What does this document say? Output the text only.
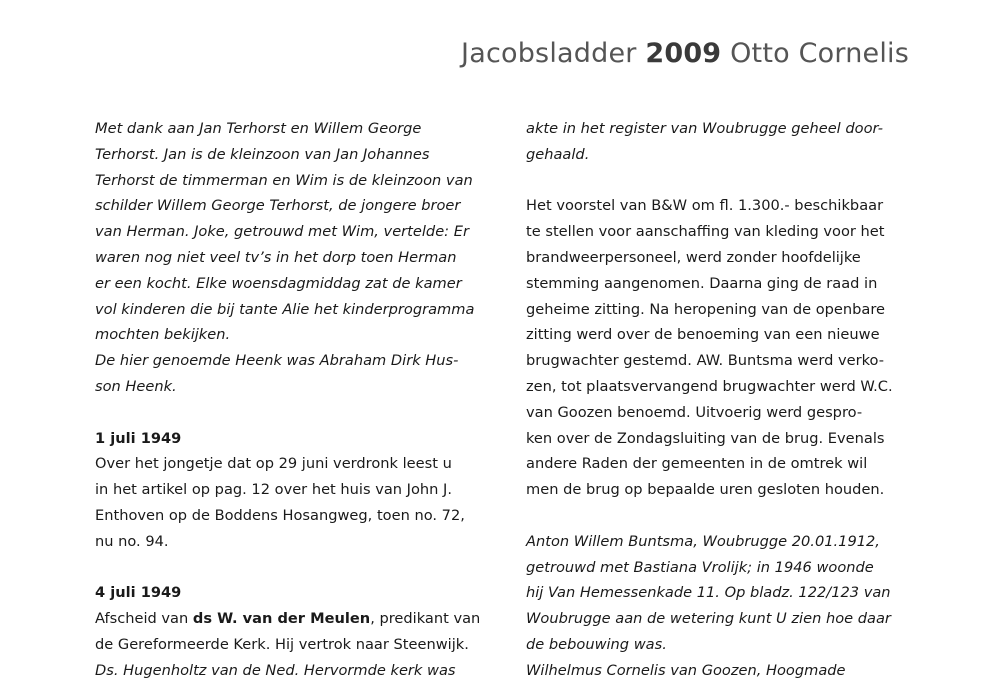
Jacobsladder 2009 Otto Cornelis
Met dank aan Jan Terhorst en Willem George
Terhorst. Jan is de kleinzoon van Jan Johannes
Terhorst de timmerman en Wim is de kleinzoon van
schilder Willem George Terhorst, de jongere broer
van Herman. Joke, getrouwd met Wim, vertelde: Er
waren nog niet veel tv’s in het dorp toen Herman
er een kocht. Elke woensdagmiddag zat de kamer
vol kinderen die bij tante Alie het kinderprogramma
mochten bekijken.
De hier genoemde Heenk was Abraham Dirk Hus-
son Heenk.
1 juli 1949
Over het jongetje dat op 29 juni verdronk leest u
in het artikel op pag. 12 over het huis van John J.
Enthoven op de Boddens Hosangweg, toen no. 72,
nu no. 94.
4 juli 1949
Afscheid van ds W. van der Meulen, predikant van
de Gereformeerde Kerk. Hij vertrok naar Steenwijk.
Ds. Hugenholtz van de Ned. Hervormde kerk was
akte in het register van Woubrugge geheel door-
gehaald.
Het voorstel van B&W om fl. 1.300.- beschikbaar
te stellen voor aanschaffing van kleding voor het
brandweerpersoneel, werd zonder hoofdelijke
stemming aangenomen. Daarna ging de raad in
geheime zitting. Na heropening van de openbare
zitting werd over de benoeming van een nieuwe
brugwachter gestemd. AW. Buntsma werd verko-
zen, tot plaatsvervangend brugwachter werd W.C.
van Goozen benoemd. Uitvoerig werd gespro-
ken over de Zondagsluiting van de brug. Evenals
andere Raden der gemeenten in de omtrek wil
men de brug op bepaalde uren gesloten houden.
Anton Willem Buntsma, Woubrugge 20.01.1912,
getrouwd met Bastiana Vrolijk; in 1946 woonde
hij Van Hemessenkade 11. Op bladz. 122/123 van
Woubrugge aan de wetering kunt U zien hoe daar
de bebouwing was.
Wilhelmus Cornelis van Goozen, Hoogmade
